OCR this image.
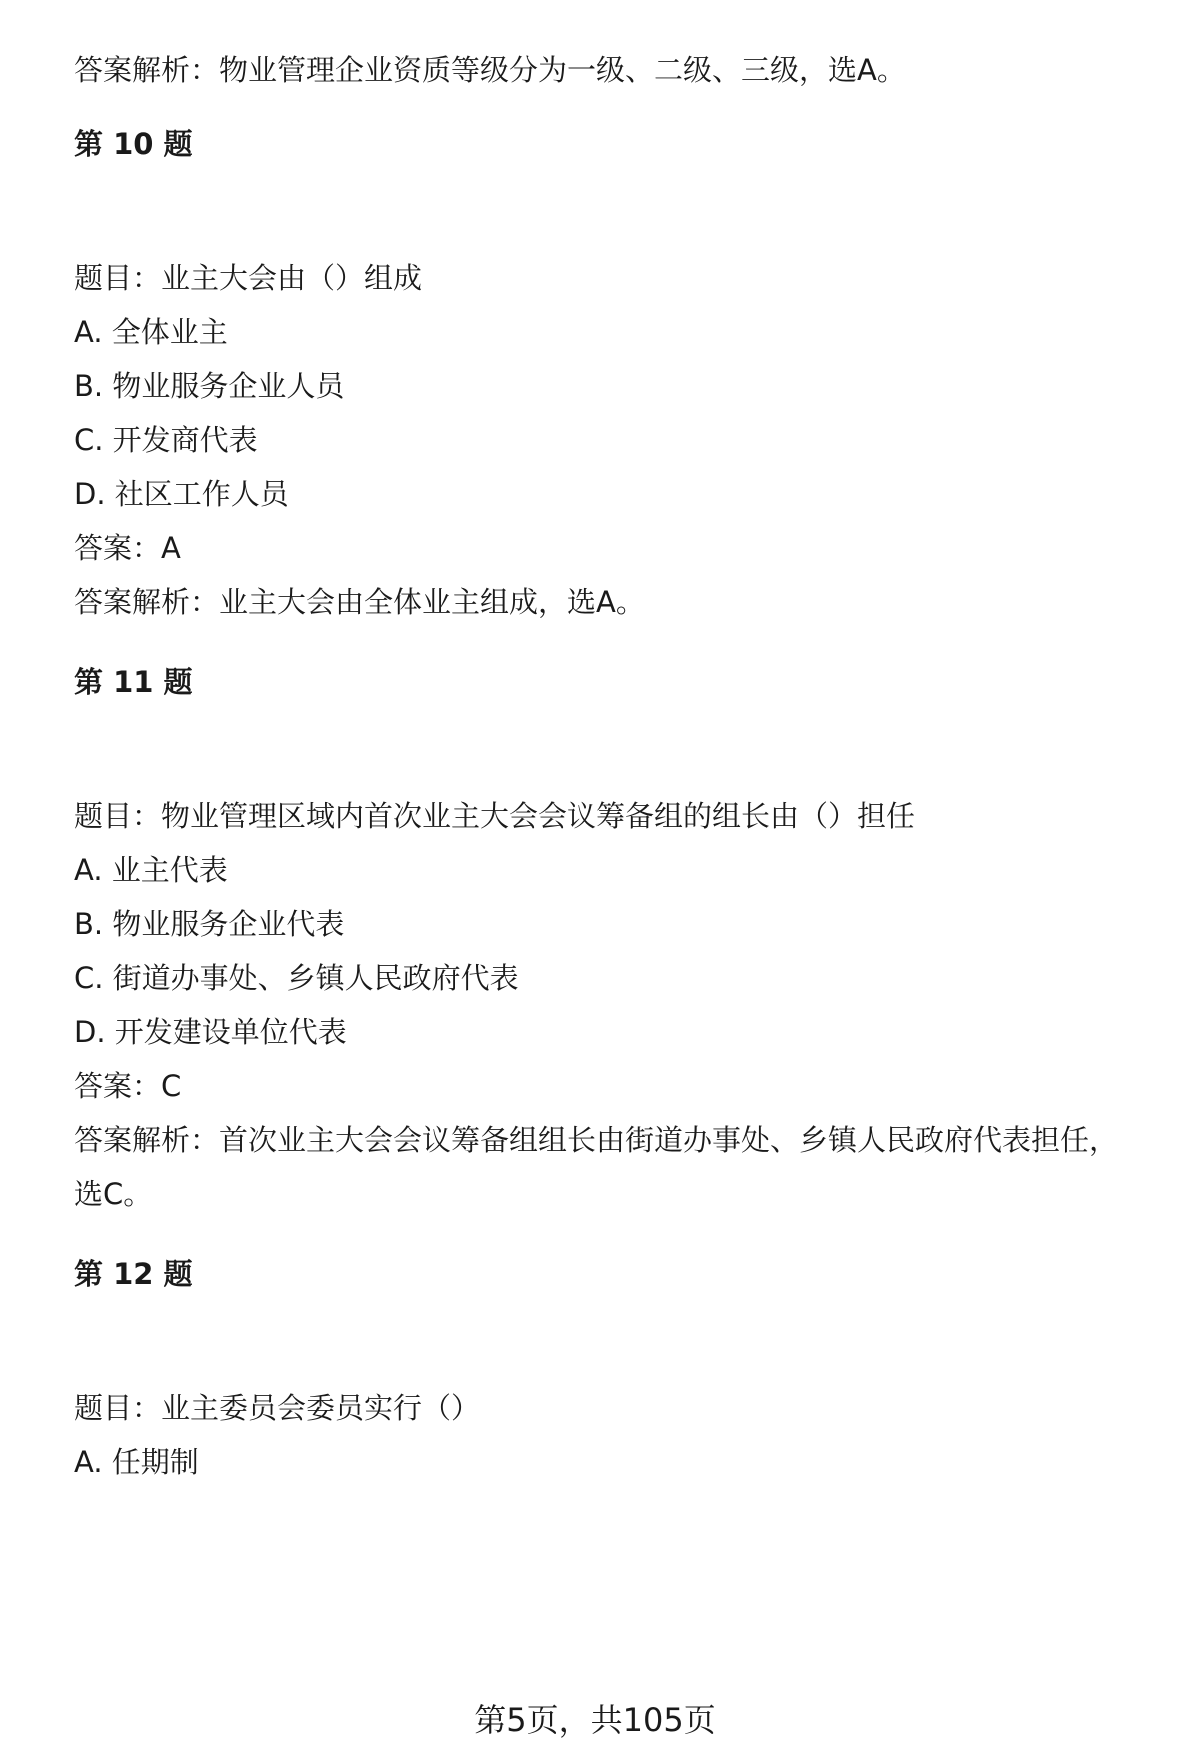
答案解析：物业管理企业资质等级分为一级、二级、三级，选A。
第 10 题
题目：业主大会由（）组成
A. 全体业主
B. 物业服务企业人员
C. 开发商代表
D. 社区工作人员
答案：A
答案解析：业主大会由全体业主组成，选A。
第 11 题
题目：物业管理区域内首次业主大会会议筹备组的组长由（）担任
A. 业主代表
B. 物业服务企业代表
C. 街道办事处、乡镇人民政府代表
D. 开发建设单位代表
答案：C
答案解析：首次业主大会会议筹备组组长由街道办事处、乡镇人民政府代表担任，
选C。
第 12 题
题目：业主委员会委员实行（）
A. 任期制
第5页，共105页
